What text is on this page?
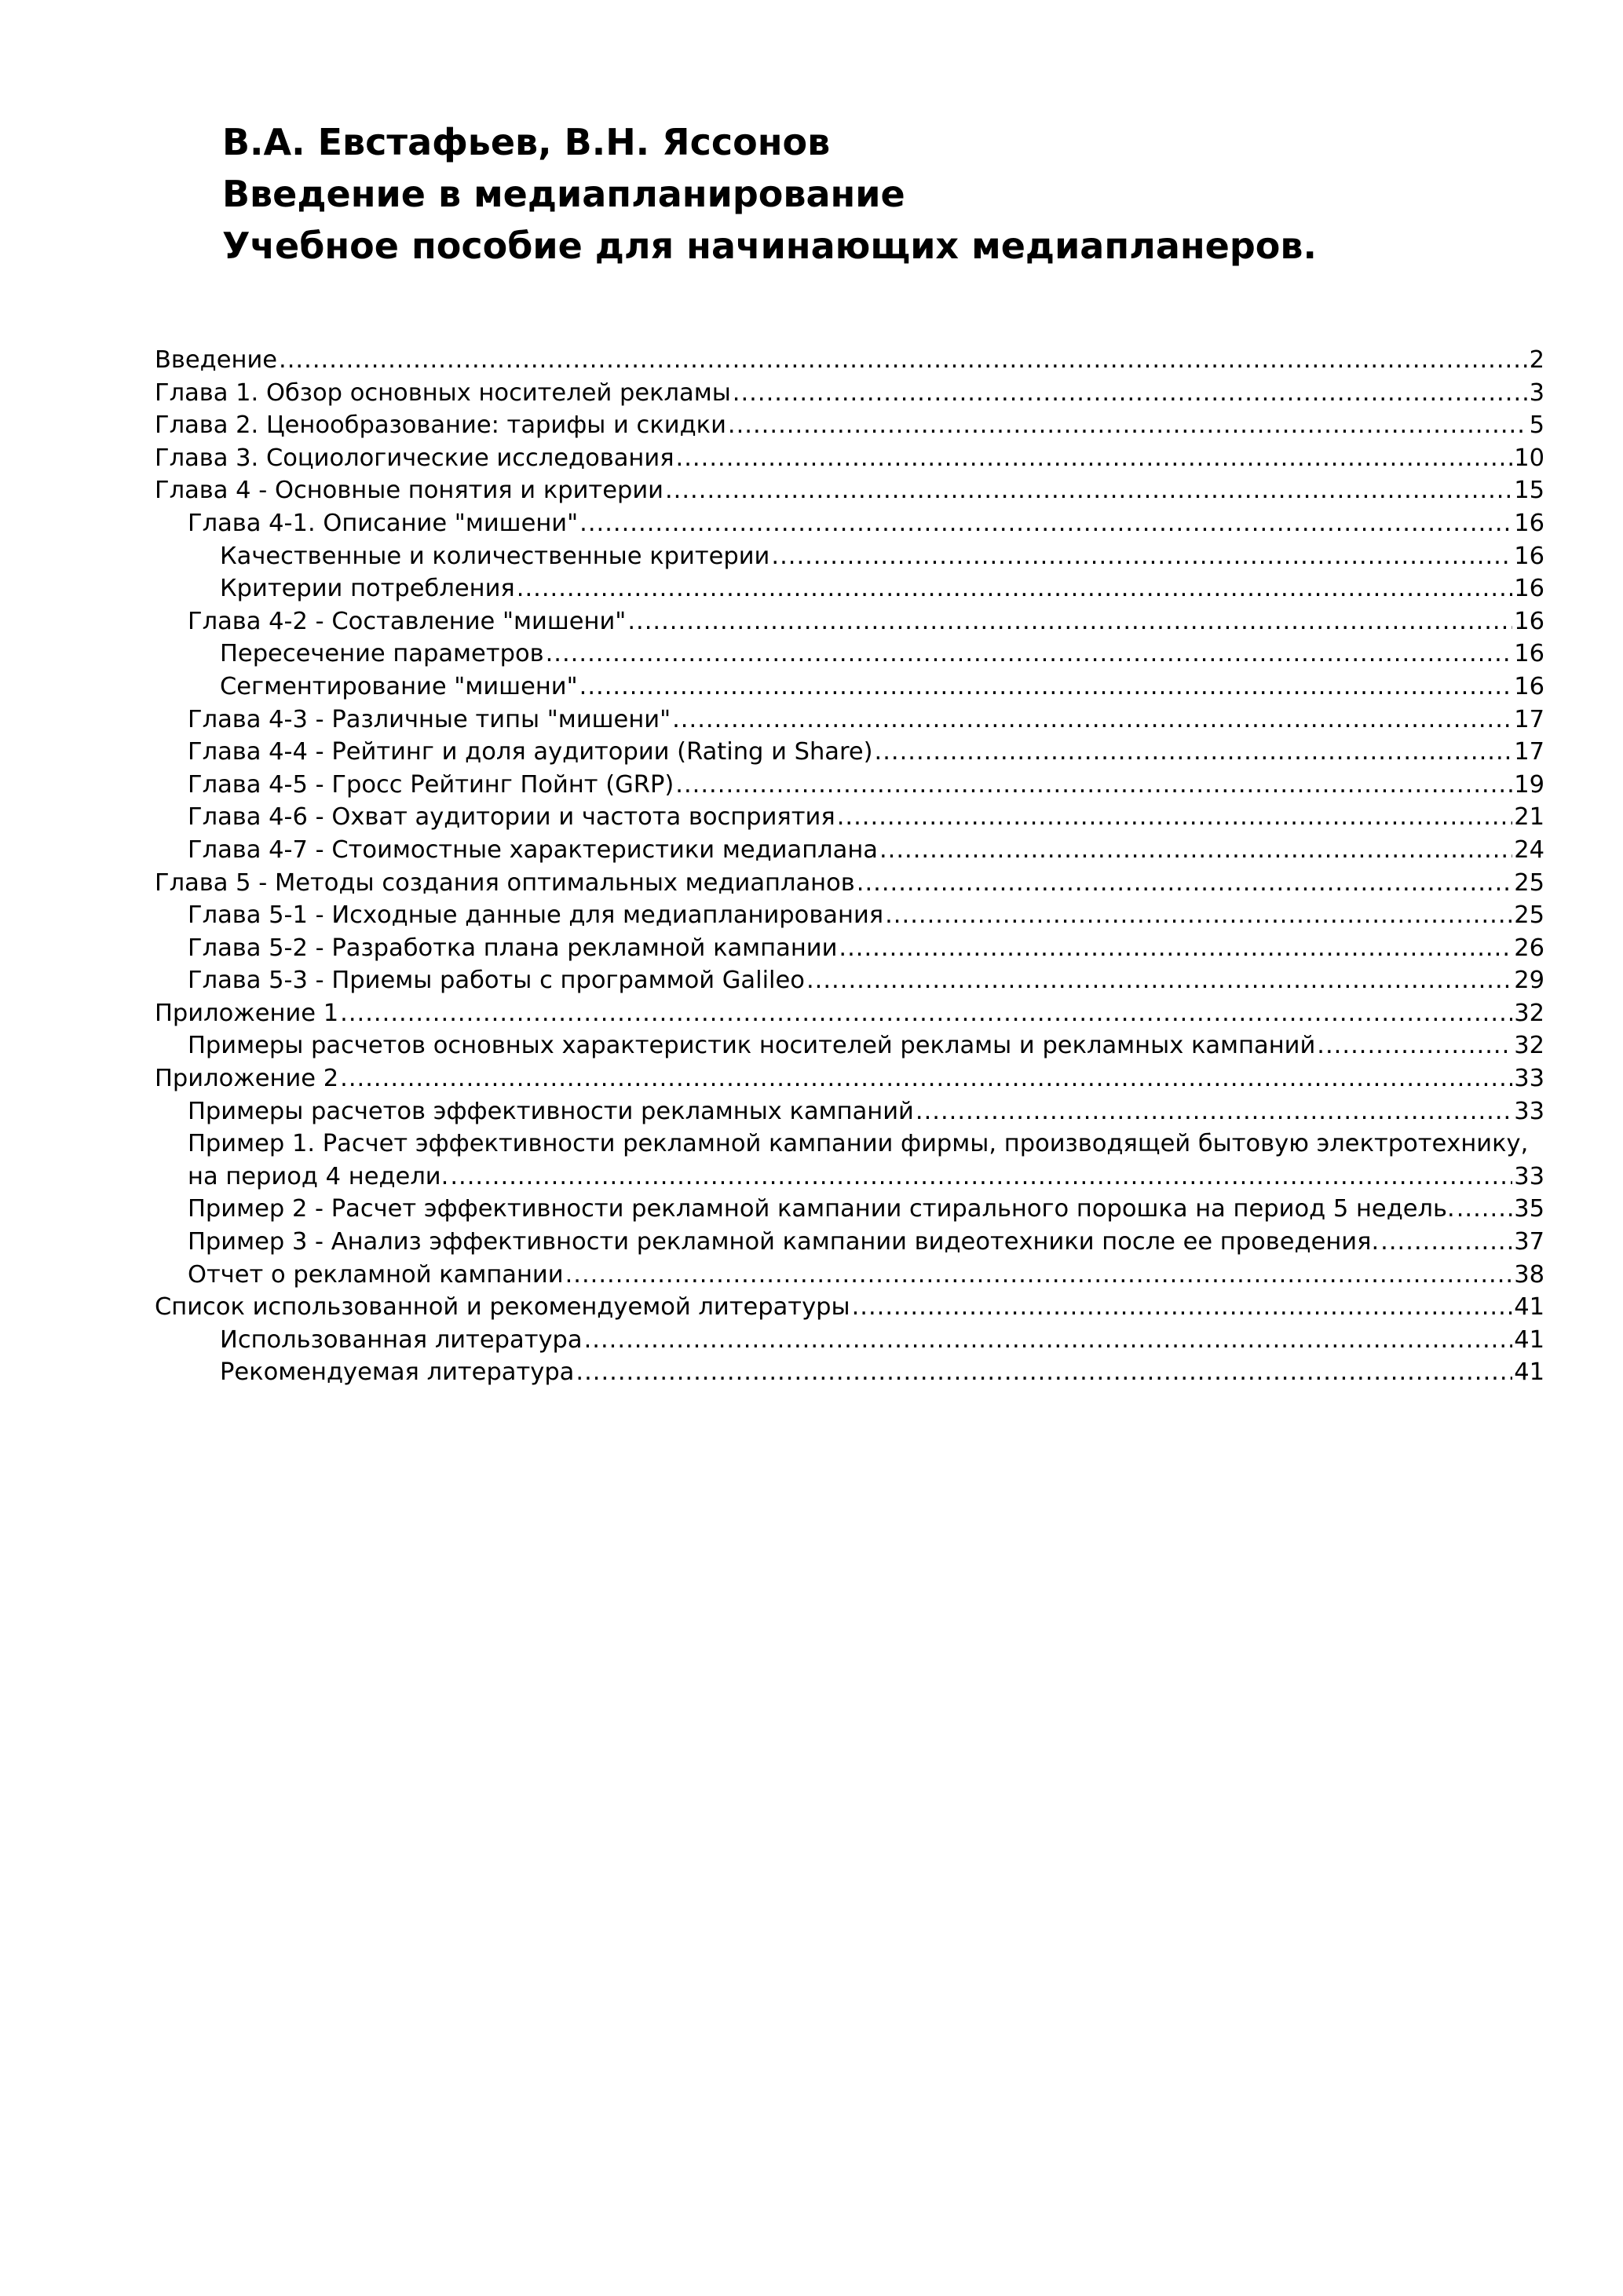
В.А. Евстафьев, В.Н. Яссонов
Введение в медиапланирование
Учебное пособие для начинающих медиапланеров.
Введение .....	2
Глава 1. Обзор основных носителей рекламы .....	3
Глава 2. Ценообразование: тарифы и скидки .....	5
Глава 3. Социологические исследования .....	10
Глава 4 - Основные понятия и критерии .....	15
Глава 4-1. Описание "мишени" .....	16
Качественные и количественные критерии .....	16
Критерии потребления .....	16
Глава 4-2 - Составление "мишени" .....	16
Пересечение параметров .....	16
Сегментирование "мишени" .....	16
Глава 4-3 - Различные типы "мишени" .....	17
Глава 4-4 - Рейтинг и доля аудитории (Rating и Share) .....	17
Глава 4-5 - Гросс Рейтинг Пойнт (GRP) .....	19
Глава 4-6 - Охват аудитории и частота восприятия .....	21
Глава 4-7 - Стоимостные характеристики медиаплана .....	24
Глава 5 - Методы создания оптимальных медиапланов .....	25
Глава 5-1 - Исходные данные для медиапланирования .....	25
Глава 5-2 - Разработка плана рекламной кампании .....	26
Глава 5-3 - Приемы работы с программой Galileo .....	29
Приложение 1 .....	32
Примеры расчетов основных характеристик носителей рекламы и рекламных кампаний .....	32
Приложение 2 .....	33
Примеры расчетов эффективности рекламных кампаний .....	33
Пример 1. Расчет эффективности рекламной кампании фирмы, производящей бытовую электротехнику,
на период 4 недели. .....	33
Пример 2 - Расчет эффективности рекламной кампании стирального порошка на период 5 недель. ..... 35
Пример 3 - Анализ эффективности рекламной кампании видеотехники после ее проведения. .....	37
Отчет о рекламной кампании .....	38
Список использованной и рекомендуемой литературы .....	41
Использованная литература .....	41
Рекомендуемая литература .....	41
